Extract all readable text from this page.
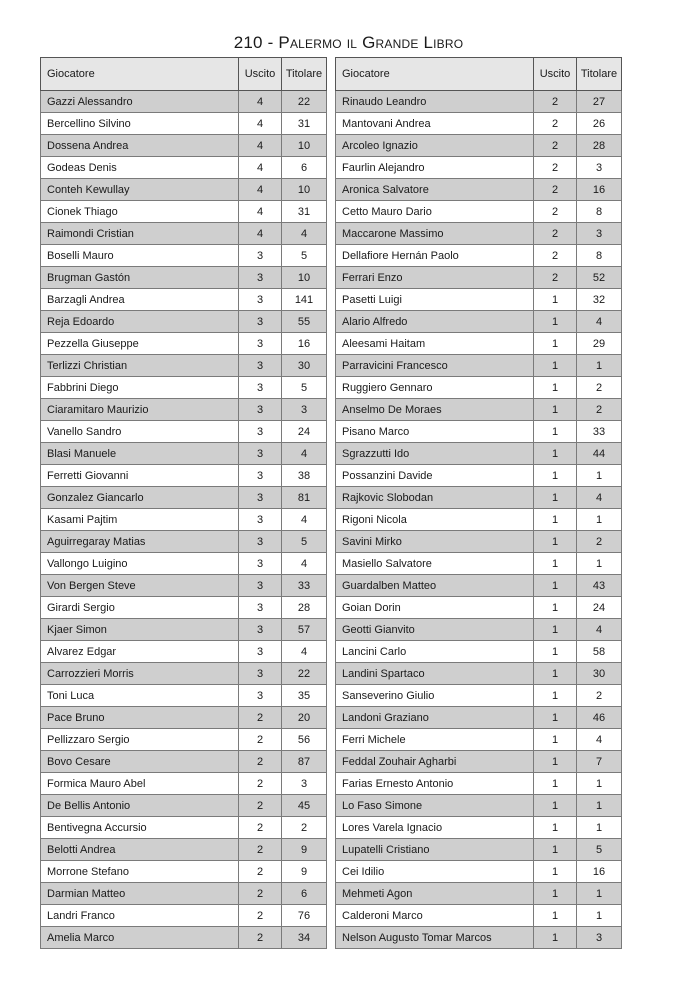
210 - Palermo il Grande Libro
Giocatore	Uscito	Titolare
Gazzi Alessandro	4	22
Bercellino Silvino	4	31
Dossena Andrea	4	10
Godeas Denis	4	6
Conteh Kewullay	4	10
Cionek Thiago	4	31
Raimondi Cristian	4	4
Boselli Mauro	3	5
Brugman Gastón	3	10
Barzagli Andrea	3	141
Reja Edoardo	3	55
Pezzella Giuseppe	3	16
Terlizzi Christian	3	30
Fabbrini Diego	3	5
Ciaramitaro Maurizio	3	3
Vanello Sandro	3	24
Blasi Manuele	3	4
Ferretti Giovanni	3	38
Gonzalez Giancarlo	3	81
Kasami Pajtim	3	4
Aguirregaray Matias	3	5
Vallongo Luigino	3	4
Von Bergen Steve	3	33
Girardi Sergio	3	28
Kjaer Simon	3	57
Alvarez Edgar	3	4
Carrozzieri Morris	3	22
Toni Luca	3	35
Pace Bruno	2	20
Pellizzaro Sergio	2	56
Bovo Cesare	2	87
Formica Mauro Abel	2	3
De Bellis Antonio	2	45
Bentivegna Accursio	2	2
Belotti Andrea	2	9
Morrone Stefano	2	9
Darmian Matteo	2	6
Landri Franco	2	76
Amelia Marco	2	34
Giocatore	Uscito	Titolare
Rinaudo Leandro	2	27
Mantovani Andrea	2	26
Arcoleo Ignazio	2	28
Faurlin Alejandro	2	3
Aronica Salvatore	2	16
Cetto Mauro Dario	2	8
Maccarone Massimo	2	3
Dellafiore Hernán Paolo	2	8
Ferrari Enzo	2	52
Pasetti Luigi	1	32
Alario Alfredo	1	4
Aleesami Haitam	1	29
Parravicini Francesco	1	1
Ruggiero Gennaro	1	2
Anselmo De Moraes	1	2
Pisano Marco	1	33
Sgrazzutti Ido	1	44
Possanzini Davide	1	1
Rajkovic Slobodan	1	4
Rigoni Nicola	1	1
Savini Mirko	1	2
Masiello Salvatore	1	1
Guardalben Matteo	1	43
Goian Dorin	1	24
Geotti Gianvito	1	4
Lancini Carlo	1	58
Landini Spartaco	1	30
Sanseverino Giulio	1	2
Landoni Graziano	1	46
Ferri Michele	1	4
Feddal Zouhair Agharbi	1	7
Farias Ernesto Antonio	1	1
Lo Faso Simone	1	1
Lores Varela Ignacio	1	1
Lupatelli Cristiano	1	5
Cei Idilio	1	16
Mehmeti Agon	1	1
Calderoni Marco	1	1
Nelson Augusto Tomar Marcos	1	3
